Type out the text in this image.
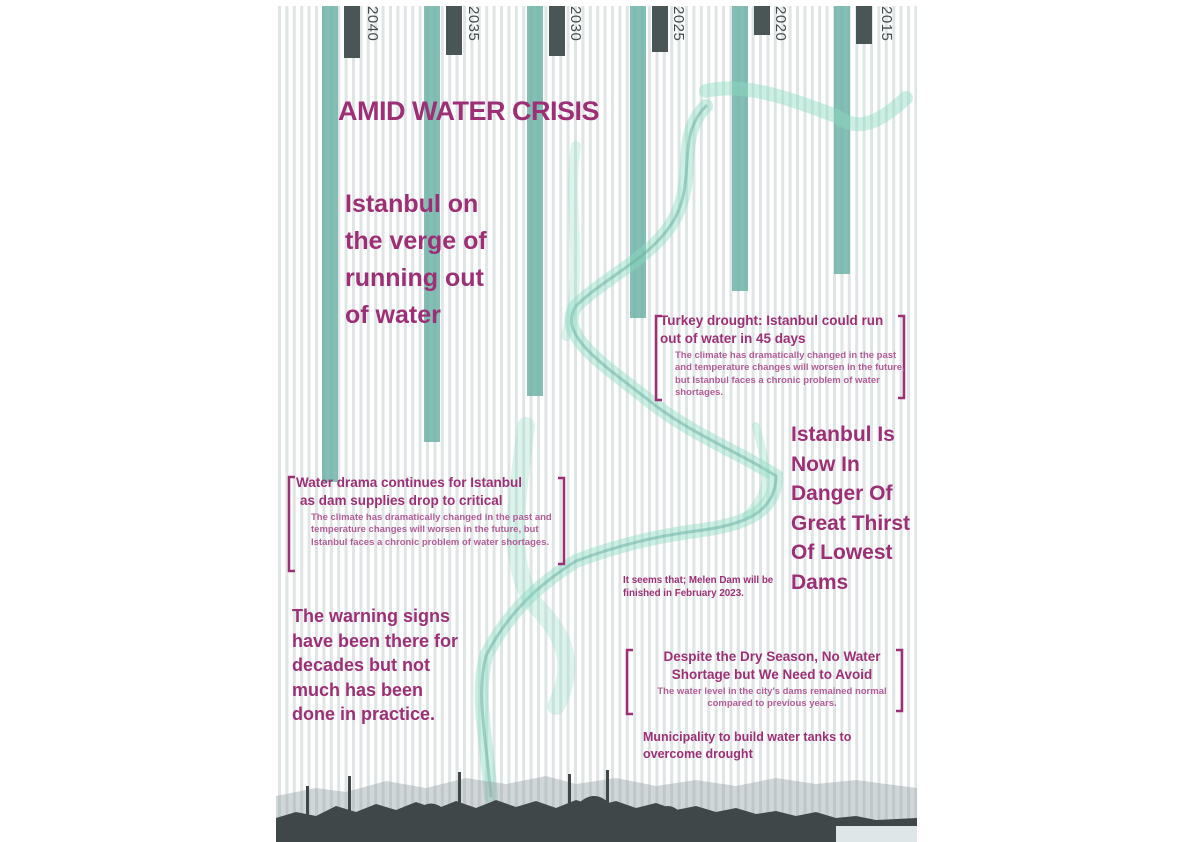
2040	2035	2030	2025	2020	2015
AMID WATER CRISIS
Istanbul on the verge of running out of water
Istanbul Is Now In Danger Of Great Thirst Of Lowest Dams
The warning signs have been there for decades but not much has been done in practice.
Turkey drought: Istanbul could run
out of water in 45 days
The climate has dramatically changed in the past and temperature changes will worsen in the future, but Istanbul faces a chronic problem of water shortages.
Water drama continues for Istanbul
as dam supplies drop to critical
The climate has dramatically changed in the past and temperature changes will worsen in the future, but Istanbul faces a chronic problem of water shortages.
Despite the Dry Season, No Water
Shortage but We Need to Avoid
The water level in the city's dams remained normal compared to previous years.
It seems that; Melen Dam will be finished in February 2023.
Municipality to build water tanks to overcome drought
